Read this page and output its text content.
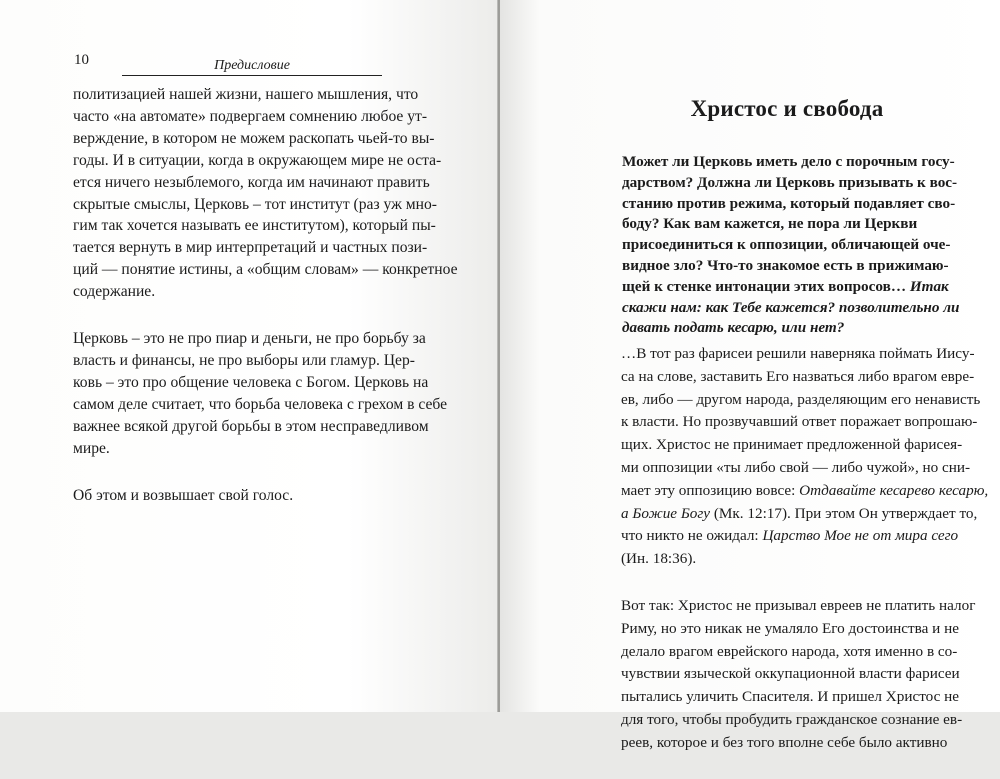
10	Предисловие

политизацией нашей жизни, нашего мышления, что
часто «на автомате» подвергаем сомнению любое ут-
верждение, в котором не можем раскопать чьей-то вы-
годы. И в ситуации, когда в окружающем мире не оста-
ется ничего незыблемого, когда им начинают править
скрытые смыслы, Церковь – тот институт (раз уж мно-
гим так хочется называть ее институтом), который пы-
тается вернуть в мир интерпретаций и частных пози-
ций — понятие истины, а «общим словам» — конкретное
содержание.

Церковь – это не про пиар и деньги, не про борьбу за
власть и финансы, не про выборы или гламур. Цер-
ковь – это про общение человека с Богом. Церковь на
самом деле считает, что борьба человека с грехом в себе
важнее всякой другой борьбы в этом несправедливом
мире.

Об этом и возвышает свой голос.

Христос и свобода
Может ли Церковь иметь дело с порочным госу-
дарством? Должна ли Церковь призывать к вос-
станию против режима, который подавляет сво-
боду? Как вам кажется, не пора ли Церкви
присоединиться к оппозиции, обличающей оче-
видное зло? Что-то знакомое есть в прижимаю-
щей к стенке интонации этих вопросов… Итак
скажи нам: как Тебе кажется? позволительно ли
давать подать кесарю, или нет?

…В тот раз фарисеи решили наверняка поймать Иису-
са на слове, заставить Его назваться либо врагом евре-
ев, либо — другом народа, разделяющим его ненависть
к власти. Но прозвучавший ответ поражает вопрошаю-
щих. Христос не принимает предложенной фарисея-
ми оппозиции «ты либо свой — либо чужой», но сни-
мает эту оппозицию вовсе: Отдавайте кесарево кесарю,
а Божие Богу (Мк. 12:17). При этом Он утверждает то,
что никто не ожидал: Царство Мое не от мира сего
(Ин. 18:36).

Вот так: Христос не призывал евреев не платить налог
Риму, но это никак не умаляло Его достоинства и не
делало врагом еврейского народа, хотя именно в со-
чувствии языческой оккупационной власти фарисеи
пытались уличить Спасителя. И пришел Христос не
для того, чтобы пробудить гражданское сознание ев-
реев, которое и без того вполне себе было активно
